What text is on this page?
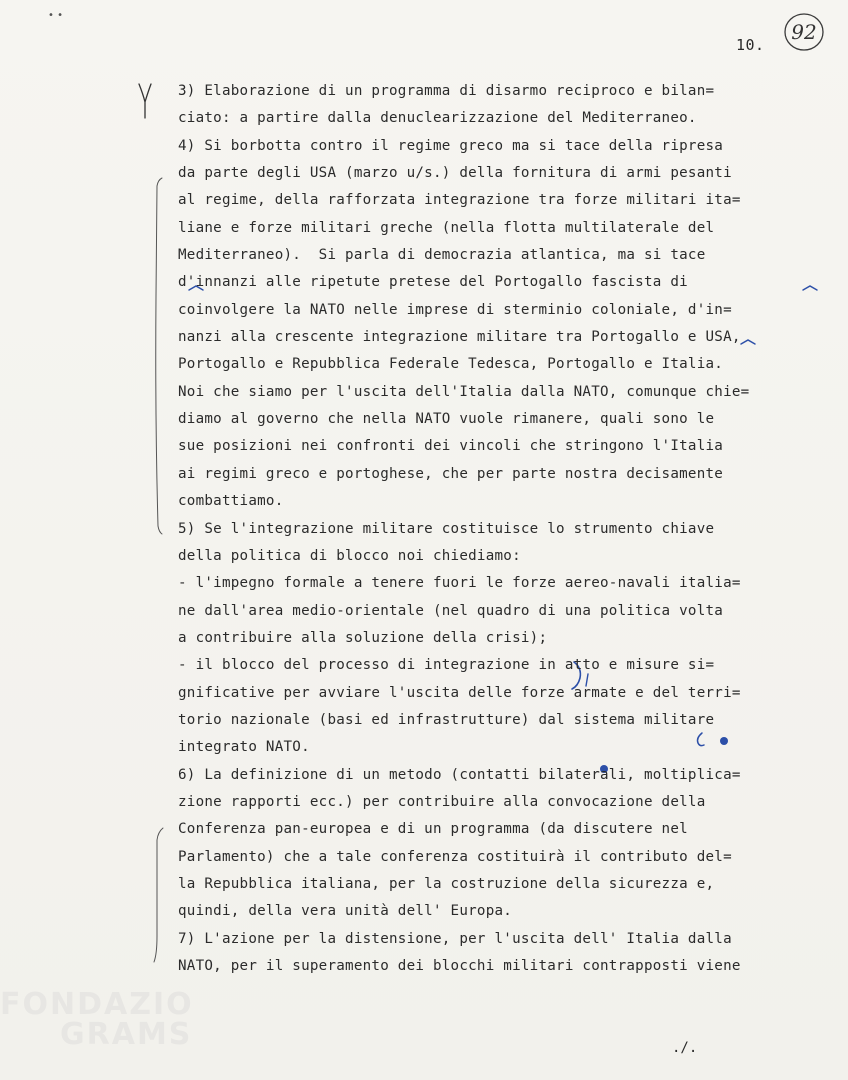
• •
10.
92
3) Elaborazione di un programma di disarmo reciproco e bilan=
ciato: a partire dalla denuclearizzazione del Mediterraneo.
4) Si borbotta contro il regime greco ma si tace della ripresa
da parte degli USA (marzo u/s.) della fornitura di armi pesanti
al regime, della rafforzata integrazione tra forze militari ita=
liane e forze militari greche (nella flotta multilaterale del
Mediterraneo).  Si parla di democrazia atlantica, ma si tace
d'innanzi alle ripetute pretese del Portogallo fascista di
coinvolgere la NATO nelle imprese di sterminio coloniale, d'in=
nanzi alla crescente integrazione militare tra Portogallo e USA,
Portogallo e Repubblica Federale Tedesca, Portogallo e Italia.
Noi che siamo per l'uscita dell'Italia dalla NATO, comunque chie=
diamo al governo che nella NATO vuole rimanere, quali sono le
sue posizioni nei confronti dei vincoli che stringono l'Italia
ai regimi greco e portoghese, che per parte nostra decisamente
combattiamo.
5) Se l'integrazione militare costituisce lo strumento chiave
della politica di blocco noi chiediamo:
- l'impegno formale a tenere fuori le forze aereo-navali italia=
ne dall'area medio-orientale (nel quadro di una politica volta
a contribuire alla soluzione della crisi);
- il blocco del processo di integrazione in atto e misure si=
gnificative per avviare l'uscita delle forze armate e del terri=
torio nazionale (basi ed infrastrutture) dal sistema militare
integrato NATO.
6) La definizione di un metodo (contatti bilaterali, moltiplica=
zione rapporti ecc.) per contribuire alla convocazione della
Conferenza pan-europea e di un programma (da discutere nel
Parlamento) che a tale conferenza costituirà il contributo del=
la Repubblica italiana, per la costruzione della sicurezza e,
quindi, della vera unità dell' Europa.
7) L'azione per la distensione, per l'uscita dell' Italia dalla
NATO, per il superamento dei blocchi militari contrapposti viene
./.
FONDAZIO
GRAMS
